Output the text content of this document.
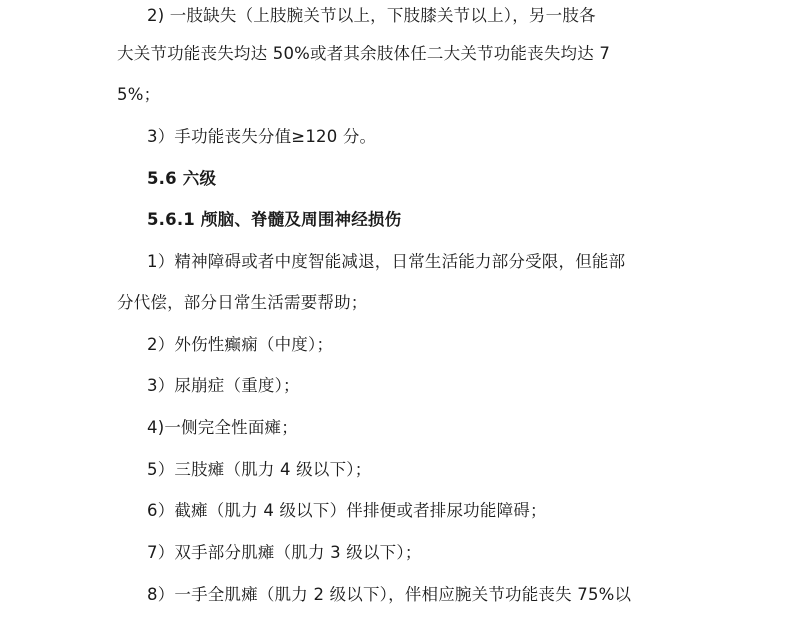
2) 一肢缺失（上肢腕关节以上，下肢膝关节以上），另一肢各
大关节功能丧失均达 50%或者其余肢体任二大关节功能丧失均达 7
5%；
3）手功能丧失分值≥120 分。
5.6 六级
5.6.1 颅脑、脊髓及周围神经损伤
1）精神障碍或者中度智能减退，日常生活能力部分受限，但能部
分代偿，部分日常生活需要帮助；
2）外伤性癫痫（中度）；
3）尿崩症（重度）；
4)一侧完全性面瘫；
5）三肢瘫（肌力 4 级以下）；
6）截瘫（肌力 4 级以下）伴排便或者排尿功能障碍；
7）双手部分肌瘫（肌力 3 级以下）；
8）一手全肌瘫（肌力 2 级以下），伴相应腕关节功能丧失 75%以
